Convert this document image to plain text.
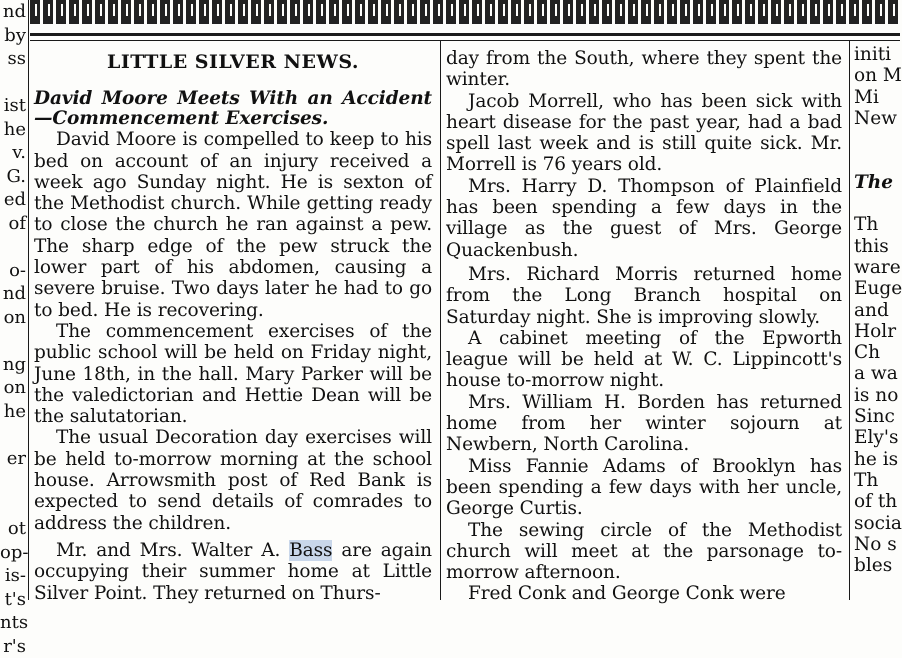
nd
by
ss

ist
he
v.
G.
ed
of

o-
nd
on

ng
on
he

er

ot
op-
is-
t's
nts
r's
LITTLE SILVER NEWS.

David Moore Meets With an Accident—Commencement Exercises.

David Moore is compelled to keep to his bed on account of an injury received a week ago Sunday night. He is sexton of the Methodist church. While getting ready to close the church he ran against a pew. The sharp edge of the pew struck the lower part of his abdomen, causing a severe bruise. Two days later he had to go to bed. He is recovering.

The commencement exercises of the public school will be held on Friday night, June 18th, in the hall. Mary Parker will be the valedictorian and Hettie Dean will be the salutatorian.

The usual Decoration day exercises will be held to-morrow morning at the school house. Arrowsmith post of Red Bank is expected to send details of comrades to address the children.

Mr. and Mrs. Walter A. Bass are again occupying their summer home at Little Silver Point. They returned on Thurs-

day from the South, where they spent the winter.

Jacob Morrell, who has been sick with heart disease for the past year, had a bad spell last week and is still quite sick. Mr. Morrell is 76 years old.

Mrs. Harry D. Thompson of Plainfield has been spending a few days in the village as the guest of Mrs. George Quackenbush.

Mrs. Richard Morris returned home from the Long Branch hospital on Saturday night. She is improving slowly.

A cabinet meeting of the Epworth league will be held at W. C. Lippincott's house to-morrow night.

Mrs. William H. Borden has returned home from her winter sojourn at Newbern, North Carolina.

Miss Fannie Adams of Brooklyn has been spending a few days with her uncle, George Curtis.

The sewing circle of the Methodist church will meet at the parsonage to-morrow afternoon.

Fred Conk and George Conk were

initi
on M
Mi
New

The

Th
this
ware
Euge
and
Holr
Ch
a wa
is no
Sinc
Ely's
he is
Th
of th
socia
No s
bles
